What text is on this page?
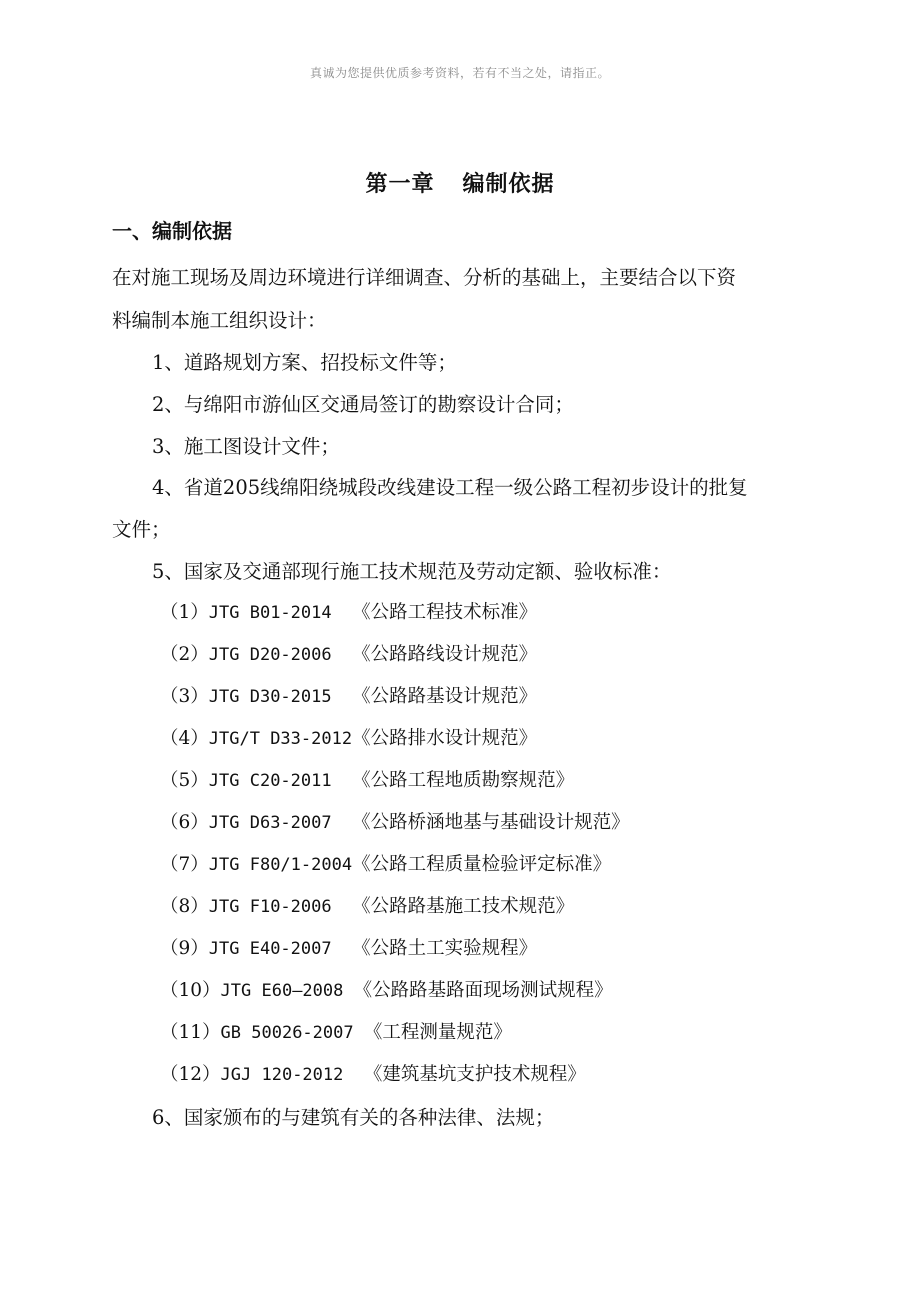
真诚为您提供优质参考资料，若有不当之处，请指正。
第一章 编制依据
一、编制依据
在对施工现场及周边环境进行详细调查、分析的基础上，主要结合以下资
料编制本施工组织设计：
1、道路规划方案、招投标文件等；
2、与绵阳市游仙区交通局签订的勘察设计合同；
3、施工图设计文件；
4、省道205线绵阳绕城段改线建设工程一级公路工程初步设计的批复
文件；
5、国家及交通部现行施工技术规范及劳动定额、验收标准：
（1）JTG B01-2014  《公路工程技术标准》
（2）JTG D20-2006  《公路路线设计规范》
（3）JTG D30-2015  《公路路基设计规范》
（4）JTG/T D33-2012《公路排水设计规范》
（5）JTG C20-2011  《公路工程地质勘察规范》
（6）JTG D63-2007  《公路桥涵地基与基础设计规范》
（7）JTG F80/1-2004《公路工程质量检验评定标准》
（8）JTG F10-2006  《公路路基施工技术规范》
（9）JTG E40-2007  《公路土工实验规程》
（10）JTG E60—2008 《公路路基路面现场测试规程》
（11）GB 50026-2007 《工程测量规范》
（12）JGJ 120-2012  《建筑基坑支护技术规程》
6、国家颁布的与建筑有关的各种法律、法规；
